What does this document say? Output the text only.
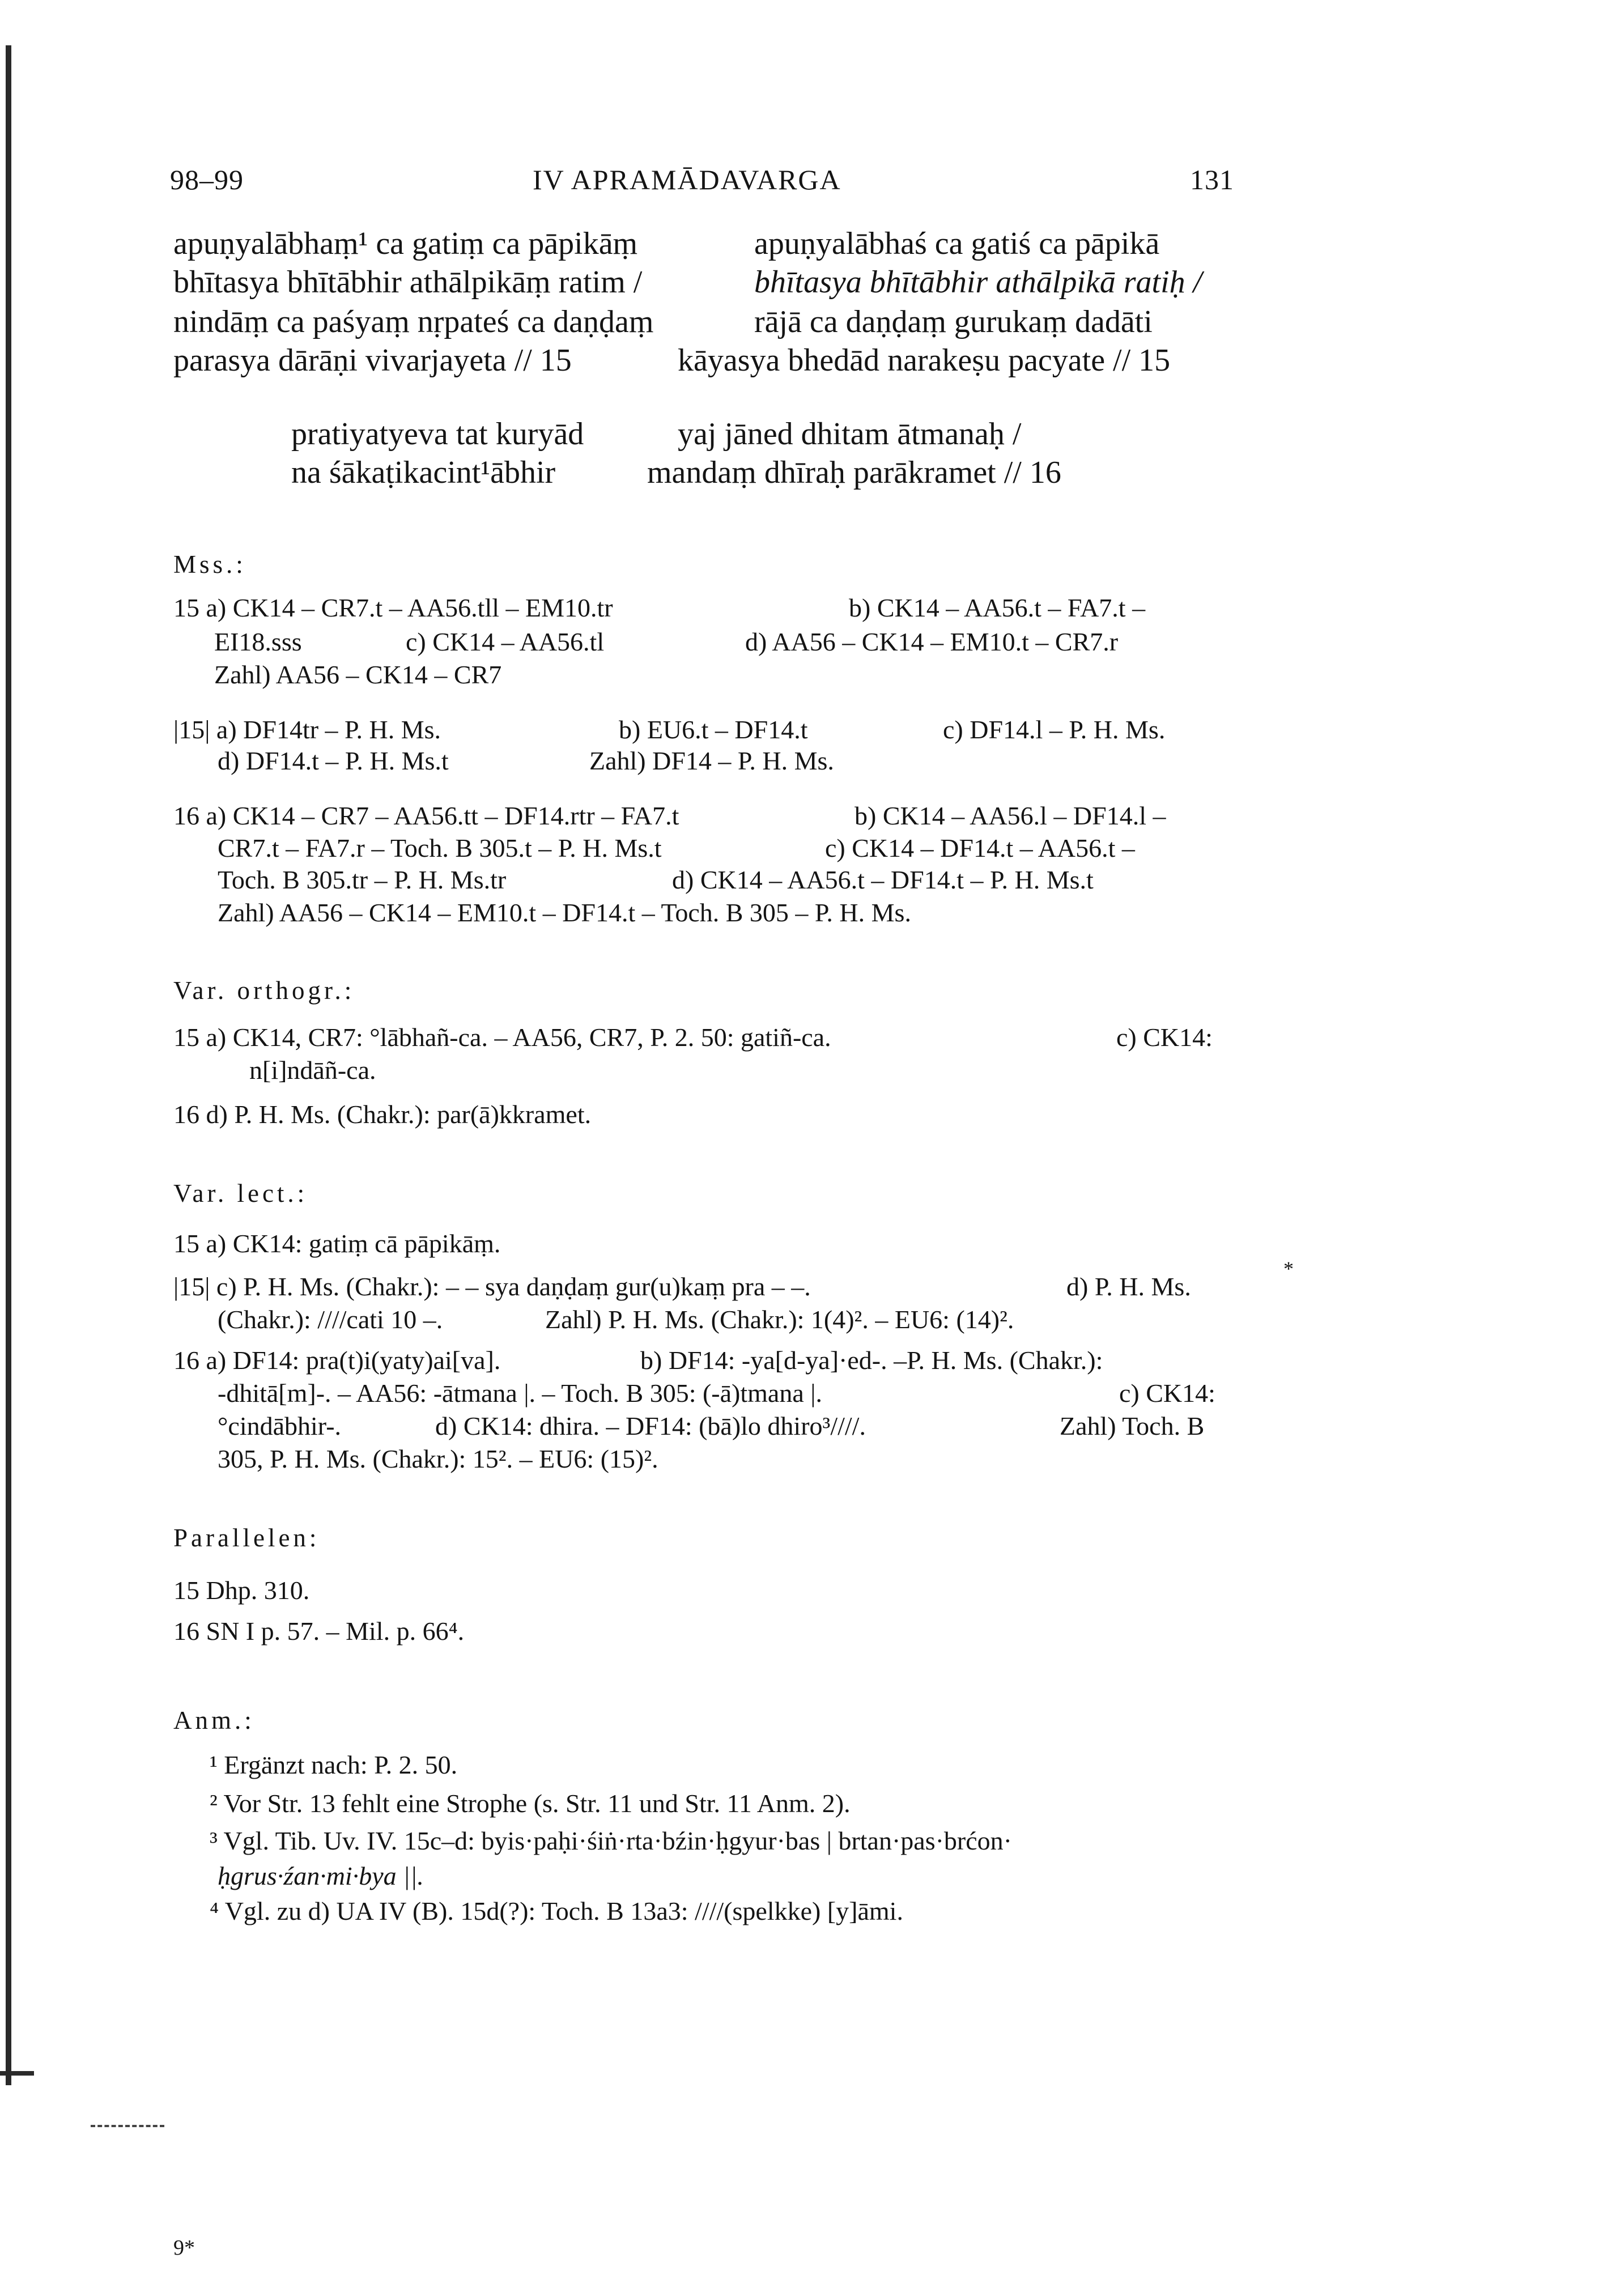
98–99	IV APRAMĀDAVARGA	131
apuṇyalābhaṃ¹ ca gatiṃ ca pāpikāṃ	apuṇyalābhaś ca gatiś ca pāpikā
bhītasya bhītābhir athālpikāṃ ratim /	bhītasya bhītābhir athālpikā ratiḥ /
nindāṃ ca paśyaṃ nṛpateś ca daṇḍaṃ	rājā ca daṇḍaṃ gurukaṃ dadāti
parasya dārāṇi vivarjayeta // 15	kāyasya bhedād narakeṣu pacyate // 15
pratiyatyeva tat kuryād	yaj jāned dhitam ātmanaḥ /
na śākaṭikacint¹ābhir	mandaṃ dhīraḥ parākramet // 16
Mss.:
15 a) CK14 – CR7.t – AA56.tll – EM10.tr	b) CK14 – AA56.t – FA7.t –
EI18.sss	c) CK14 – AA56.tl	d) AA56 – CK14 – EM10.t – CR7.r
Zahl) AA56 – CK14 – CR7
|15| a) DF14tr – P. H. Ms.	b) EU6.t – DF14.t	c) DF14.l – P. H. Ms.
d) DF14.t – P. H. Ms.t	Zahl) DF14 – P. H. Ms.
16 a) CK14 – CR7 – AA56.tt – DF14.rtr – FA7.t	b) CK14 – AA56.l – DF14.l –
CR7.t – FA7.r – Toch. B 305.t – P. H. Ms.t	c) CK14 – DF14.t – AA56.t –
Toch. B 305.tr – P. H. Ms.tr	d) CK14 – AA56.t – DF14.t – P. H. Ms.t
Zahl) AA56 – CK14 – EM10.t – DF14.t – Toch. B 305 – P. H. Ms.
Var. orthogr.:
15 a) CK14, CR7: °lābhañ-ca. – AA56, CR7, P. 2. 50: gatiñ-ca.	c) CK14:
n[i]ndāñ-ca.
16 d) P. H. Ms. (Chakr.): par(ā)kkramet.
Var. lect.:
15 a) CK14: gatiṃ cā pāpikāṃ.
*
|15| c) P. H. Ms. (Chakr.): – – sya daṇḍaṃ gur(u)kaṃ pra – –.	d) P. H. Ms.
(Chakr.): ////cati 10 –.	Zahl) P. H. Ms. (Chakr.): 1(4)². – EU6: (14)².
16 a) DF14: pra(t)i(yaty)ai[va].	b) DF14: -ya[d-ya]·ed-. –P. H. Ms. (Chakr.):
-dhitā[m]-. – AA56: -ātmana |. – Toch. B 305: (-ā)tmana |.	c) CK14:
°cindābhir-.	d) CK14: dhira. – DF14: (bā)lo dhiro³////.	Zahl) Toch. B
305, P. H. Ms. (Chakr.): 15². – EU6: (15)².
Parallelen:
15 Dhp. 310.
16 SN I p. 57. – Mil. p. 66⁴.
Anm.:
¹ Ergänzt nach: P. 2. 50.
² Vor Str. 13 fehlt eine Strophe (s. Str. 11 und Str. 11 Anm. 2).
³ Vgl. Tib. Uv. IV. 15c–d: byis·paḥi·śiṅ·rta·bźin·ḥgyur·bas | brtan·pas·brćon·
ḥgrus·źan·mi·bya ||.
⁴ Vgl. zu d) UA IV (B). 15d(?): Toch. B 13a3: ////(spelkke) [y]āmi.
9*
